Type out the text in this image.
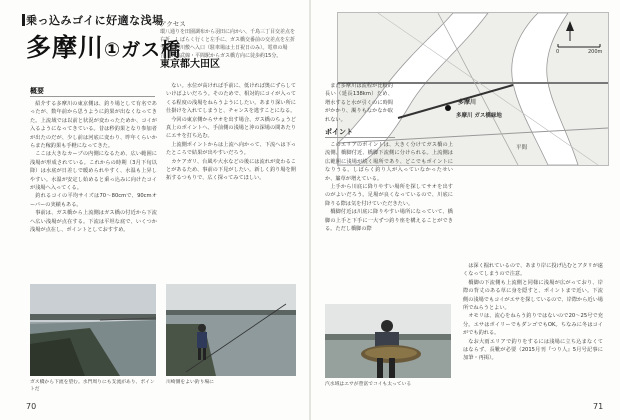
乗っ込みゴイに好適な浅場
多摩川①ガス橋
東京都大田区
アクセス
環八通りを田園調布から羽田に向かい、千鳥三丁目交差点を右折。しばらく行くと左手に、ガス橋交番前の交差点を左折すると河川敷へ入口（駐車場は土日祝日のみ）。電車の場合、JR南武線・平間駅からガス橋方向に徒歩約15分。
概要

紹介する多摩川の東京側は、釣り場として有名であったが、数年前から思うように釣果が出なくなってきた。上流域では以前と状況が変わったためか、コイが入るようになってきている。昔は秒釣果となり参加者が出たのだが、少し前は河底に変わり、昨年くらいからまた稼釣果も手軽になってきた。

ここは大きなカーブの内側になるため、広い範囲に浅場が形成されている。これからの時期（3月下旬以降）は水底が日差しで暖められやすく、水温も上昇しやすい。水温が安定し始めると乗っ込みに向けたコイが浅場へ入ってくる。

釣れるコイの平均サイズは70〜80cmで、90cmオーバーの実績もある。

事前は、ガス橋から上流側はガス橋の付近から下流へ広い浅場が点在する。下流は平坦な底で、いくつか浅場が点在し、ポイントとしておすすめ。

ない。水位が高ければ手前に、低ければ奥にずらしていけばよいだろう。そのためで、相対的にコイが入ってくる程度の浅場をねらうようにしたい。あまり深い所に仕掛けを入れてしまうと、チャンスを逃すことになる。

今回の東京側からサオを出す場合、ガス橋のちょうど真上のポイントへ、手前側の浅場と沖の深場の間あたりにエサを打ち込む。

上流側ポイントからは上流へ向かって、下流へは下ったところで結果が出やすいだろう。

カケアガリ、台風や大水などの後には流れが変わることがあるため、事前の下見がしたい。新しく釣り場を開拓するつもりで、広く探ってみてほしい。

ガス橋から下流を望む。水門周りにも支流があり、ポイントだ
川崎側をよい釣り場に
70
多摩川
多摩川 ガス橋緑地
平間
0	200m

また多摩川は流程が比較的長い（延長138km）ため、増水すると水が引くのに時間がかかり、濁りもなかなか取れない。

ポイント

このエリアのポイントは、大きく分けてガス橋の上流側、橋脚付近、橋脚下流側に分けられる。上流側は広範囲に浅場が続く場所であり、どこでもポイントになりうる。しばらく釣り人が入っていなかったせいか、簾草が増えている。

上手から川底に降りやすい場所を探してサオを出すのがよいだろう。足場が良くなっているので、川底に降りる際は気を付けていただきたい。

橋脚付近は川底に降りやすい場所になっていて、橋脚の上手と下手に一大ずつ釣り座を構えることができる。ただし橋脚の際

は深く掘れているので、あまり岸に投げ込むとアタリが遠くなってしまうので注意。

橋脚の下流側も上流側と同様に浅場が広がっており、岸際の背丈のある草に身を隠すと、ポイントまで近い。下流側の浅場でもコイがエサを探しているので、岸際から近い場所でねらうとよい。

オモリは、流心をねらう釣りではないので20〜25号で充分。エサはボイリーでもダンゴでもOK。ちなみに冬はコイがでも釣れる。

なお大雨エリアで釣りをするには浅場に立ち込まなくてはならず、長靴が必要（2015月刊『つり人』5月号記事に加筆・再掲）。

汽水域はエサが豊富でコイも太っている
71
